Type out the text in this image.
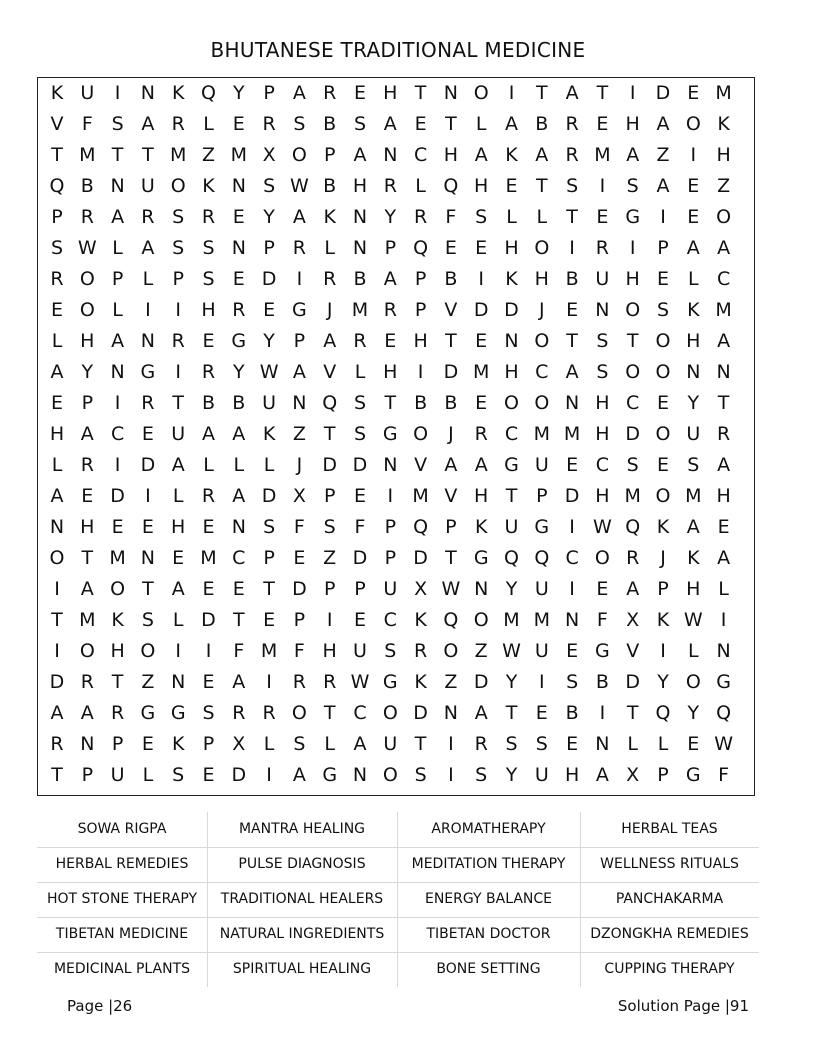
BHUTANESE TRADITIONAL MEDICINE
K U	I	N K Q Y P A R E H T N O	I	T A T	I	D E M
V F S A R L E R S B S A E T	L A B R E H A O K
T M T T M Z M X O P A N C H A K A R M A Z	I	H
Q B N U O K N S W B H R L Q H E T S	I	S A E Z
P R A R S R E Y A K N Y R F S L	L	T E G	I	E O
S W L A S S N P R L N P Q E E H O	I	R	I	P A A
R O P	L	P S E D	I	R B A P B	I	K H B U H E	L C
E O L	I	I	H R E G	J	M R P V D D	J	E N O S K M
L H A N R E G Y P A R E H T E N O T S T O H A
A Y N G	I	R Y W A V L H	I	D M H C A S O O N N
E P	I	R T B B U N Q S T B B E O O N H C E Y T
H A C E U A A K Z T S G O	J	R C M M H D O U R
L R	I	D A L	L	L	J	D D N V A A G U E C S E S A
A E D	I	L R A D X P E	I	M V H T P D H M O M H
N H E E H E N S F S F	P Q P K U G	I W Q K A E
O T M N E M C P E Z D P D T G Q Q C O R	J	K A
I	A O T A E E T D P P U X W N Y U	I	E A P H L
T M K S L D T E P	I	E C K Q O M M N F X K W I
I	O H O	I	I	F M F H U S R O Z W U E G V	I	L N
D R T Z N E A	I	R R W G K Z D Y	I	S B D Y O G
A A R G G S R R O T C O D N A T E B	I	T Q Y Q
R N P E K P X L S L A U T	I	R S S E N L	L E W
T P U L S E D	I	A G N O S	I	S Y U H A X P G F
SOWA RIGPA	MANTRA HEALING	AROMATHERAPY	HERBAL TEAS
HERBAL REMEDIES	PULSE DIAGNOSIS	MEDITATION THERAPY	WELLNESS RITUALS
HOT STONE THERAPY	TRADITIONAL HEALERS	ENERGY BALANCE	PANCHAKARMA
TIBETAN MEDICINE	NATURAL INGREDIENTS	TIBETAN DOCTOR	DZONGKHA REMEDIES
MEDICINAL PLANTS	SPIRITUAL HEALING	BONE SETTING	CUPPING THERAPY
Page |26	Solution Page |91
